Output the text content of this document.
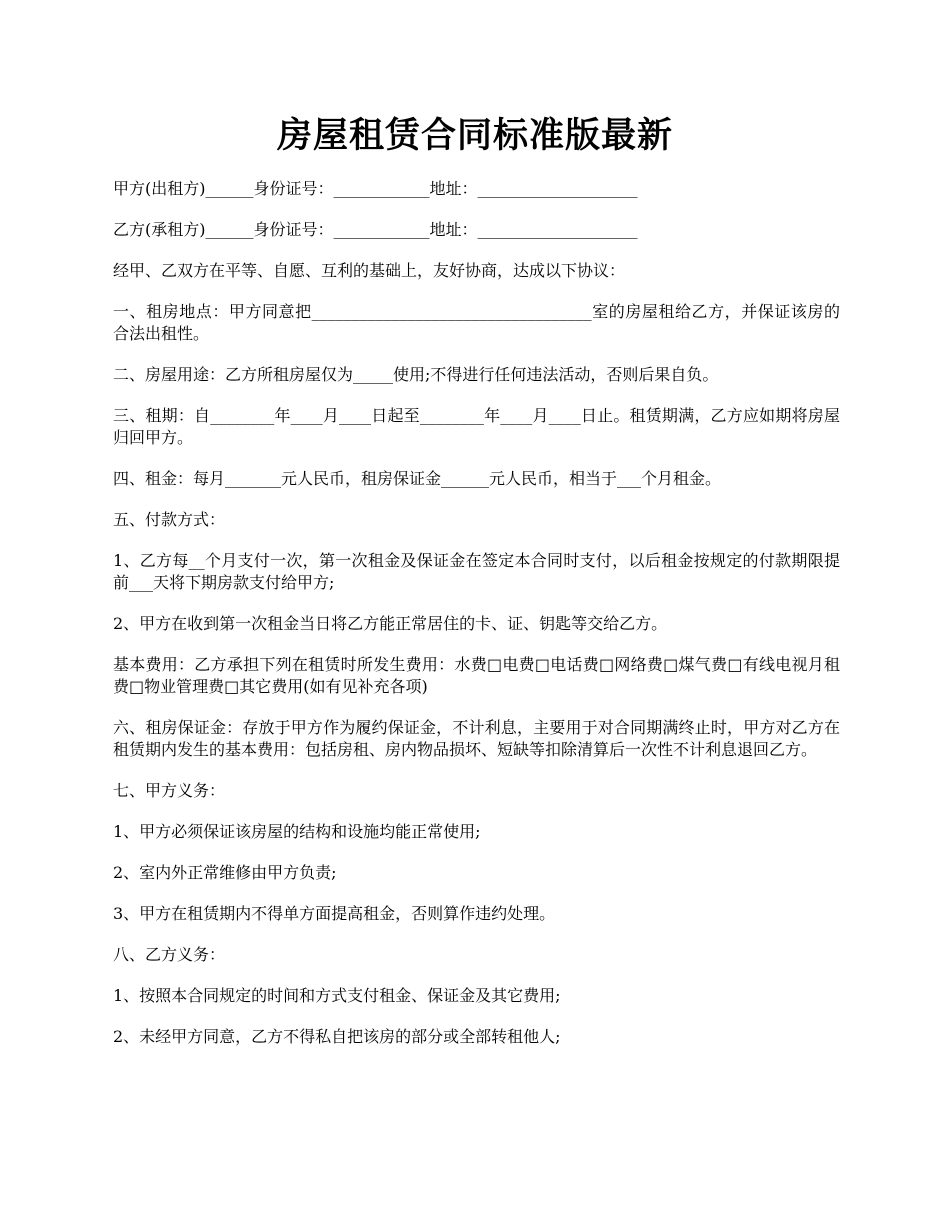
房屋租赁合同标准版最新

甲方(出租方)______身份证号：____________地址：____________________

乙方(承租方)______身份证号：____________地址：____________________

经甲、乙双方在平等、自愿、互利的基础上，友好协商，达成以下协议：

一、租房地点：甲方同意把___________________________________室的房屋租给乙方，并保证该房的合法出租性。

二、房屋用途：乙方所租房屋仅为_____使用;不得进行任何违法活动，否则后果自负。

三、租期：自________年____月____日起至________年____月____日止。租赁期满，乙方应如期将房屋归回甲方。

四、租金：每月_______元人民币，租房保证金______元人民币，相当于___个月租金。

五、付款方式：

1、乙方每__个月支付一次，第一次租金及保证金在签定本合同时支付，以后租金按规定的付款期限提前___天将下期房款支付给甲方;

2、甲方在收到第一次租金当日将乙方能正常居住的卡、证、钥匙等交给乙方。

基本费用：乙方承担下列在租赁时所发生费用：水费□电费□电话费□网络费□煤气费□有线电视月租费□物业管理费□其它费用(如有见补充各项)

六、租房保证金：存放于甲方作为履约保证金，不计利息，主要用于对合同期满终止时，甲方对乙方在租赁期内发生的基本费用：包括房租、房内物品损坏、短缺等扣除清算后一次性不计利息退回乙方。

七、甲方义务：

1、甲方必须保证该房屋的结构和设施均能正常使用;

2、室内外正常维修由甲方负责;

3、甲方在租赁期内不得单方面提高租金，否则算作违约处理。

八、乙方义务：

1、按照本合同规定的时间和方式支付租金、保证金及其它费用;

2、未经甲方同意，乙方不得私自把该房的部分或全部转租他人;
